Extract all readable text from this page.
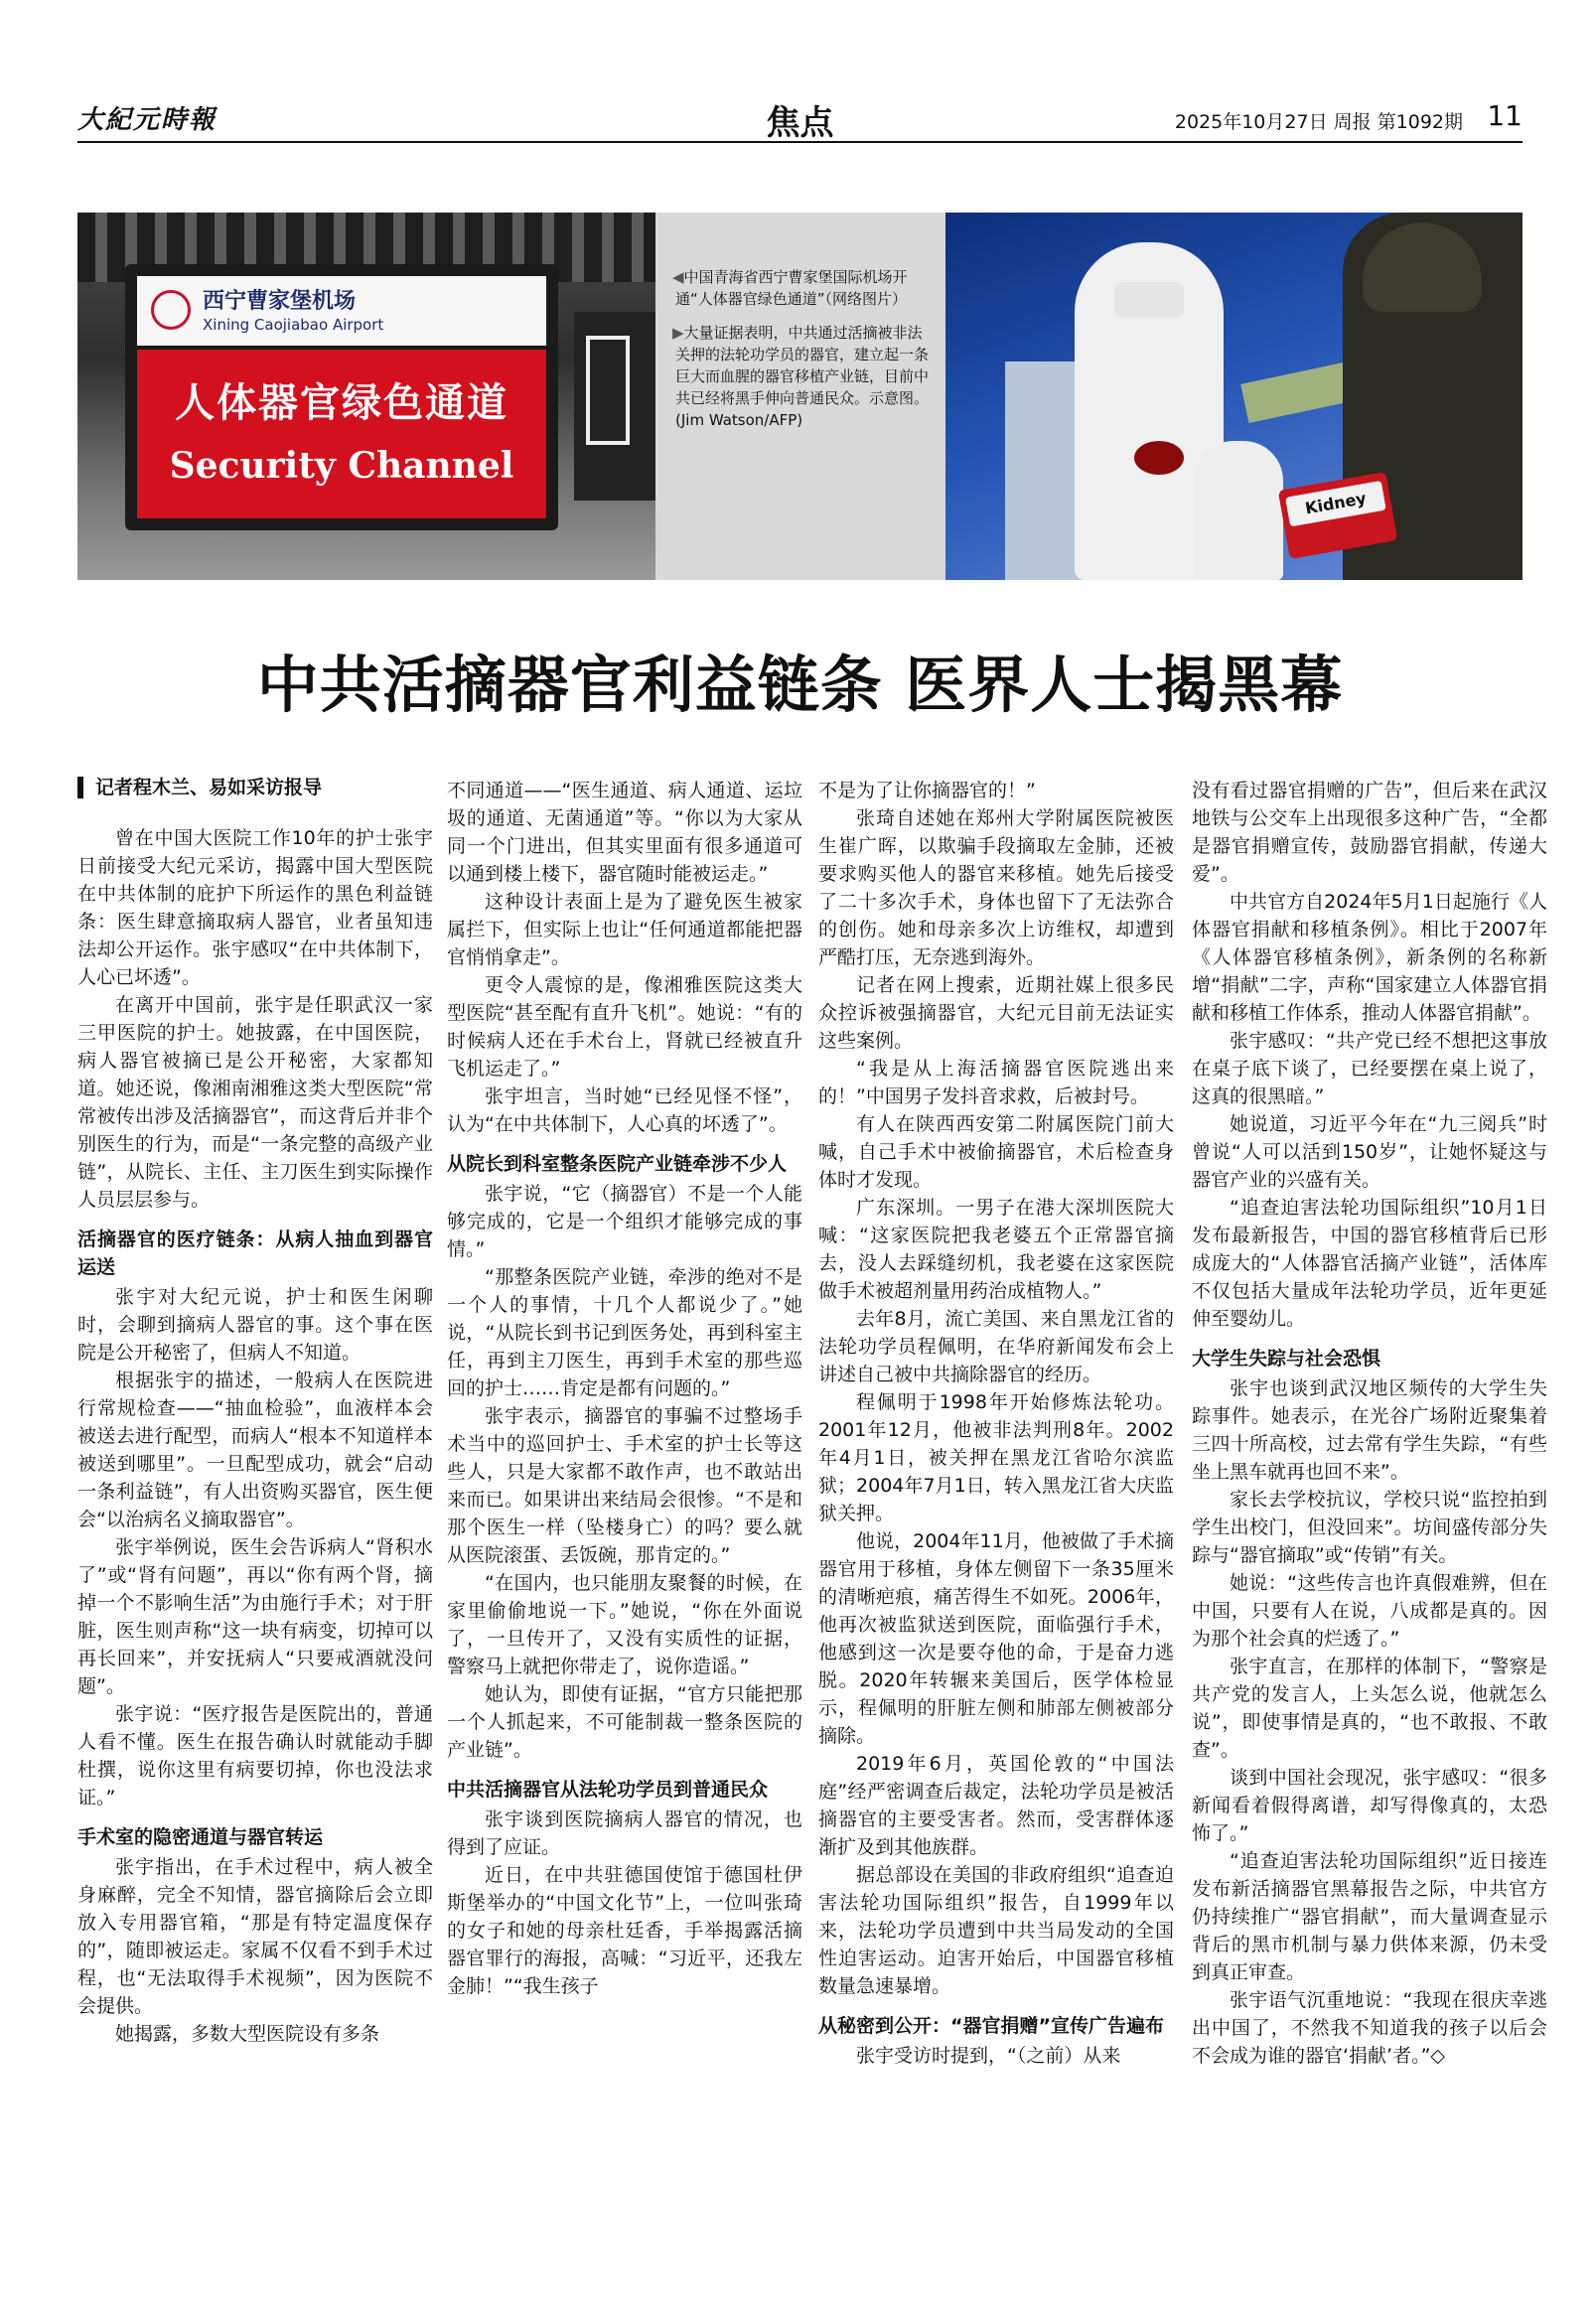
大紀元時報	焦点	2025年10月27日 周报 第1092期 11
西宁曹家堡机场
Xining Caojiabao Airport
人体器官绿色通道
Security Channel

◀中国青海省西宁曹家堡国际机场开通“人体器官绿色通道”（网络图片）

▶大量证据表明，中共通过活摘被非法关押的法轮功学员的器官，建立起一条巨大而血腥的器官移植产业链，目前中共已经将黑手伸向普通民众。示意图。(Jim Watson/AFP)

Kidney
中共活摘器官利益链条 医界人士揭黑幕
记者程木兰、易如采访报导

曾在中国大医院工作10年的护士张宇日前接受大纪元采访，揭露中国大型医院在中共体制的庇护下所运作的黑色利益链条：医生肆意摘取病人器官，业者虽知违法却公开运作。张宇感叹“在中共体制下，人心已坏透”。

在离开中国前，张宇是任职武汉一家三甲医院的护士。她披露，在中国医院，病人器官被摘已是公开秘密，大家都知道。她还说，像湘南湘雅这类大型医院“常常被传出涉及活摘器官”，而这背后并非个别医生的行为，而是“一条完整的高级产业链”，从院长、主任、主刀医生到实际操作人员层层参与。

活摘器官的医疗链条：从病人抽血到器官运送

张宇对大纪元说，护士和医生闲聊时，会聊到摘病人器官的事。这个事在医院是公开秘密了，但病人不知道。

根据张宇的描述，一般病人在医院进行常规检查——“抽血检验”，血液样本会被送去进行配型，而病人“根本不知道样本被送到哪里”。一旦配型成功，就会“启动一条利益链”，有人出资购买器官，医生便会“以治病名义摘取器官”。

张宇举例说，医生会告诉病人“肾积水了”或“肾有问题”，再以“你有两个肾，摘掉一个不影响生活”为由施行手术；对于肝脏，医生则声称“这一块有病变，切掉可以再长回来”，并安抚病人“只要戒酒就没问题”。

张宇说：“医疗报告是医院出的，普通人看不懂。医生在报告确认时就能动手脚杜撰，说你这里有病要切掉，你也没法求证。”

手术室的隐密通道与器官转运

张宇指出，在手术过程中，病人被全身麻醉，完全不知情，器官摘除后会立即放入专用器官箱，“那是有特定温度保存的”，随即被运走。家属不仅看不到手术过程，也“无法取得手术视频”，因为医院不会提供。

她揭露，多数大型医院设有多条

不同通道——“医生通道、病人通道、运垃圾的通道、无菌通道”等。“你以为大家从同一个门进出，但其实里面有很多通道可以通到楼上楼下，器官随时能被运走。”

这种设计表面上是为了避免医生被家属拦下，但实际上也让“任何通道都能把器官悄悄拿走”。

更令人震惊的是，像湘雅医院这类大型医院“甚至配有直升飞机”。她说：“有的时候病人还在手术台上，肾就已经被直升飞机运走了。”

张宇坦言，当时她“已经见怪不怪”，认为“在中共体制下，人心真的坏透了”。

从院长到科室整条医院产业链牵涉不少人

张宇说，“它（摘器官）不是一个人能够完成的，它是一个组织才能够完成的事情。”

“那整条医院产业链，牵涉的绝对不是一个人的事情，十几个人都说少了。”她说，“从院长到书记到医务处，再到科室主任，再到主刀医生，再到手术室的那些巡回的护士……肯定是都有问题的。”

张宇表示，摘器官的事骗不过整场手术当中的巡回护士、手术室的护士长等这些人，只是大家都不敢作声，也不敢站出来而已。如果讲出来结局会很惨。“不是和那个医生一样（坠楼身亡）的吗？要么就从医院滚蛋、丢饭碗，那肯定的。”

“在国内，也只能朋友聚餐的时候，在家里偷偷地说一下。”她说，“你在外面说了，一旦传开了，又没有实质性的证据，警察马上就把你带走了，说你造谣。”

她认为，即使有证据，“官方只能把那一个人抓起来，不可能制裁一整条医院的产业链”。

中共活摘器官从法轮功学员到普通民众

张宇谈到医院摘病人器官的情况，也得到了应证。

近日，在中共驻德国使馆于德国杜伊斯堡举办的“中国文化节”上，一位叫张琦的女子和她的母亲杜廷香，手举揭露活摘器官罪行的海报，高喊：“习近平，还我左金肺！”“我生孩子

不是为了让你摘器官的！”

张琦自述她在郑州大学附属医院被医生崔广晖，以欺骗手段摘取左金肺，还被要求购买他人的器官来移植。她先后接受了二十多次手术，身体也留下了无法弥合的创伤。她和母亲多次上访维权，却遭到严酷打压，无奈逃到海外。

记者在网上搜索，近期社媒上很多民众控诉被强摘器官，大纪元目前无法证实这些案例。

“我是从上海活摘器官医院逃出来的！”中国男子发抖音求救，后被封号。

有人在陕西西安第二附属医院门前大喊，自己手术中被偷摘器官，术后检查身体时才发现。

广东深圳。一男子在港大深圳医院大喊：“这家医院把我老婆五个正常器官摘去，没人去踩缝纫机，我老婆在这家医院做手术被超剂量用药治成植物人。”

去年8月，流亡美国、来自黑龙江省的法轮功学员程佩明，在华府新闻发布会上讲述自己被中共摘除器官的经历。

程佩明于1998年开始修炼法轮功。2001年12月，他被非法判刑8年。2002年4月1日，被关押在黑龙江省哈尔滨监狱；2004年7月1日，转入黑龙江省大庆监狱关押。

他说，2004年11月，他被做了手术摘器官用于移植，身体左侧留下一条35厘米的清晰疤痕，痛苦得生不如死。2006年，他再次被监狱送到医院，面临强行手术，他感到这一次是要夺他的命，于是奋力逃脱。2020年转辗来美国后，医学体检显示，程佩明的肝脏左侧和肺部左侧被部分摘除。

2019年6月，英国伦敦的“中国法庭”经严密调查后裁定，法轮功学员是被活摘器官的主要受害者。然而，受害群体逐渐扩及到其他族群。

据总部设在美国的非政府组织“追查迫害法轮功国际组织”报告，自1999年以来，法轮功学员遭到中共当局发动的全国性迫害运动。迫害开始后，中国器官移植数量急速暴增。

从秘密到公开：“器官捐赠”宣传广告遍布

张宇受访时提到，“（之前）从来

没有看过器官捐赠的广告”，但后来在武汉地铁与公交车上出现很多这种广告，“全都是器官捐赠宣传，鼓励器官捐献，传递大爱”。

中共官方自2024年5月1日起施行《人体器官捐献和移植条例》。相比于2007年《人体器官移植条例》，新条例的名称新增“捐献”二字，声称“国家建立人体器官捐献和移植工作体系，推动人体器官捐献”。

张宇感叹：“共产党已经不想把这事放在桌子底下谈了，已经要摆在桌上说了，这真的很黑暗。”

她说道，习近平今年在“九三阅兵”时曾说“人可以活到150岁”，让她怀疑这与器官产业的兴盛有关。

“追查迫害法轮功国际组织”10月1日发布最新报告，中国的器官移植背后已形成庞大的“人体器官活摘产业链”，活体库不仅包括大量成年法轮功学员，近年更延伸至婴幼儿。

大学生失踪与社会恐惧

张宇也谈到武汉地区频传的大学生失踪事件。她表示，在光谷广场附近聚集着三四十所高校，过去常有学生失踪，“有些坐上黑车就再也回不来”。

家长去学校抗议，学校只说“监控拍到学生出校门，但没回来”。坊间盛传部分失踪与“器官摘取”或“传销”有关。

她说：“这些传言也许真假难辨，但在中国，只要有人在说，八成都是真的。因为那个社会真的烂透了。”

张宇直言，在那样的体制下，“警察是共产党的发言人，上头怎么说，他就怎么说”，即使事情是真的，“也不敢报、不敢查”。

谈到中国社会现况，张宇感叹：“很多新闻看着假得离谱，却写得像真的，太恐怖了。”

“追查迫害法轮功国际组织”近日接连发布新活摘器官黑幕报告之际，中共官方仍持续推广“器官捐献”，而大量调查显示背后的黑市机制与暴力供体来源，仍未受到真正审查。

张宇语气沉重地说：“我现在很庆幸逃出中国了，不然我不知道我的孩子以后会不会成为谁的器官‘捐献’者。”◇
